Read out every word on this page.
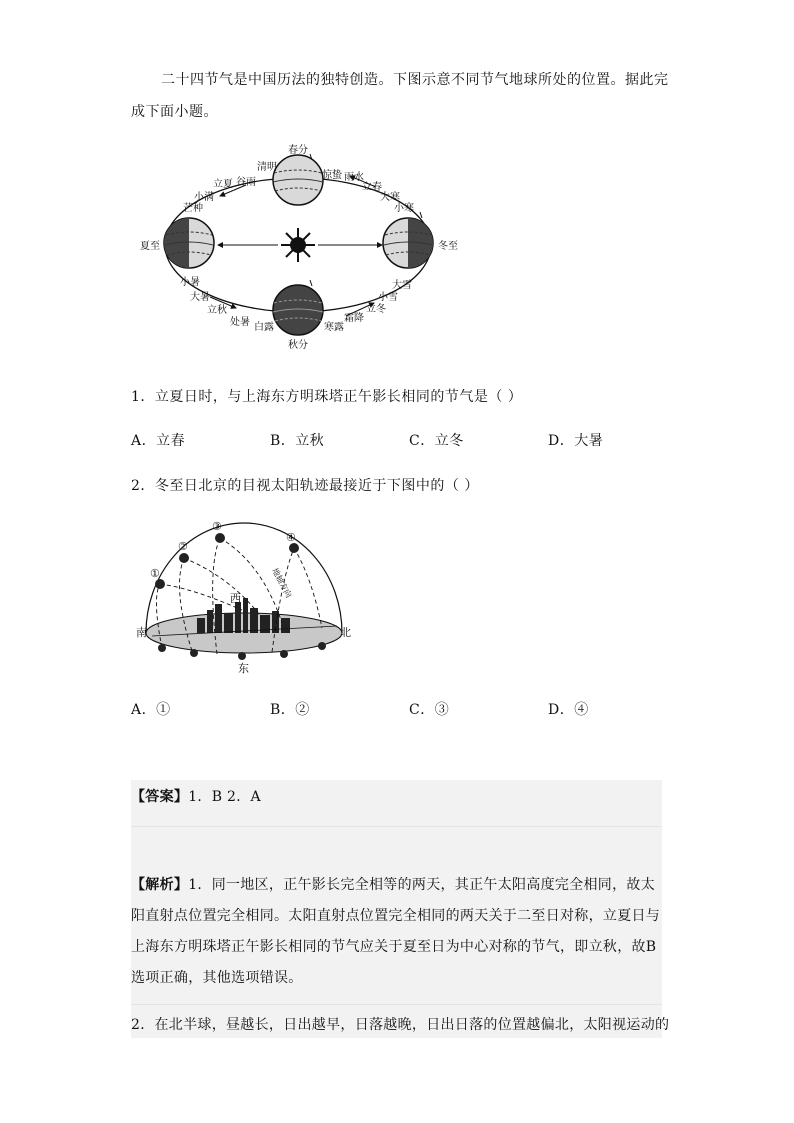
二十四节气是中国历法的独特创造。下图示意不同节气地球所处的位置。据此完成下面小题。
春分
清明
谷雨
立夏
小满
芒种
惊蛰 雨水
立春
大寒
小寒
夏至	冬至
小暑
大暑
立秋
处暑 白露
秋分
寒露
霜降
立冬
小雪
大雪
1．立夏日时，与上海东方明珠塔正午影长相同的节气是（ ）
A．立春	B．立秋	C．立冬	D．大暑
2．冬至日北京的目视太阳轨迹最接近于下图中的（ ）
①
②
③
④
南	北
东
西	地轴方向
A．①	B．②	C．③	D．④
【答案】1．B 2．A
【解析】1．同一地区，正午影长完全相等的两天，其正午太阳高度完全相同，故太阳直射点位置完全相同。太阳直射点位置完全相同的两天关于二至日对称，立夏日与上海东方明珠塔正午影长相同的节气应关于夏至日为中心对称的节气，即立秋，故B选项正确，其他选项错误。
2．在北半球，昼越长，日出越早，日落越晚，日出日落的位置越偏北，太阳视运动的
